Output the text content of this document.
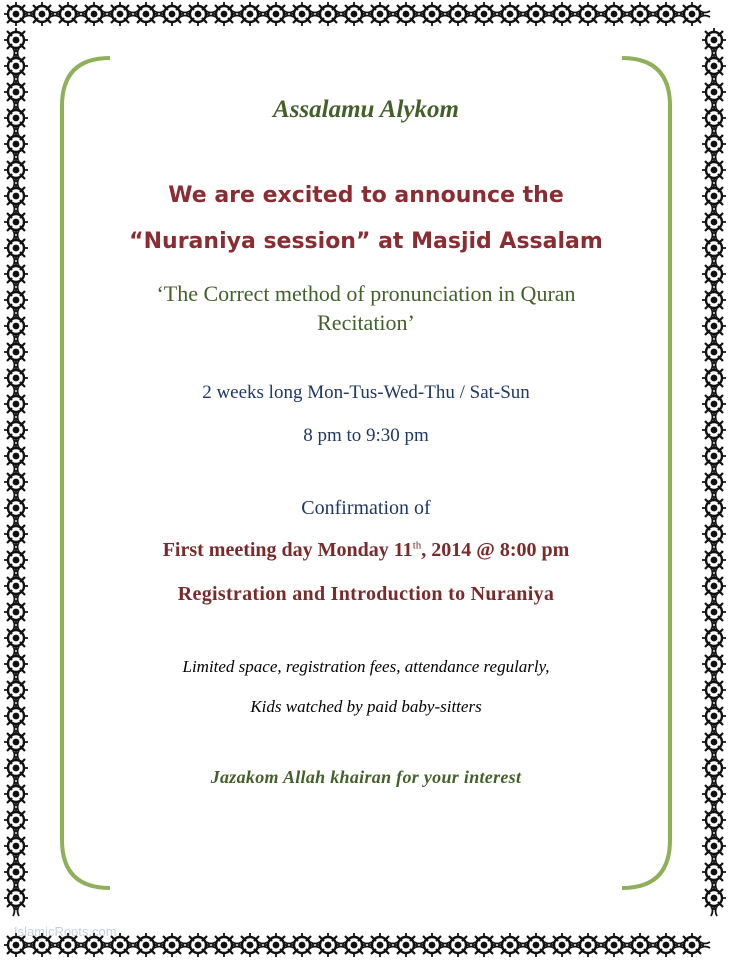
Assalamu Alykom

We are excited to announce the

“Nuraniya session” at Masjid Assalam

‘The Correct method of pronunciation in Quran Recitation’

2 weeks long Mon-Tus-Wed-Thu / Sat-Sun

8 pm to 9:30 pm

Confirmation of

First meeting day Monday 11th, 2014 @ 8:00 pm

Registration and Introduction to Nuraniya

Limited space, registration fees, attendance regularly,

Kids watched by paid baby-sitters

Jazakom Allah khairan for your interest

IslamicRoots.com
